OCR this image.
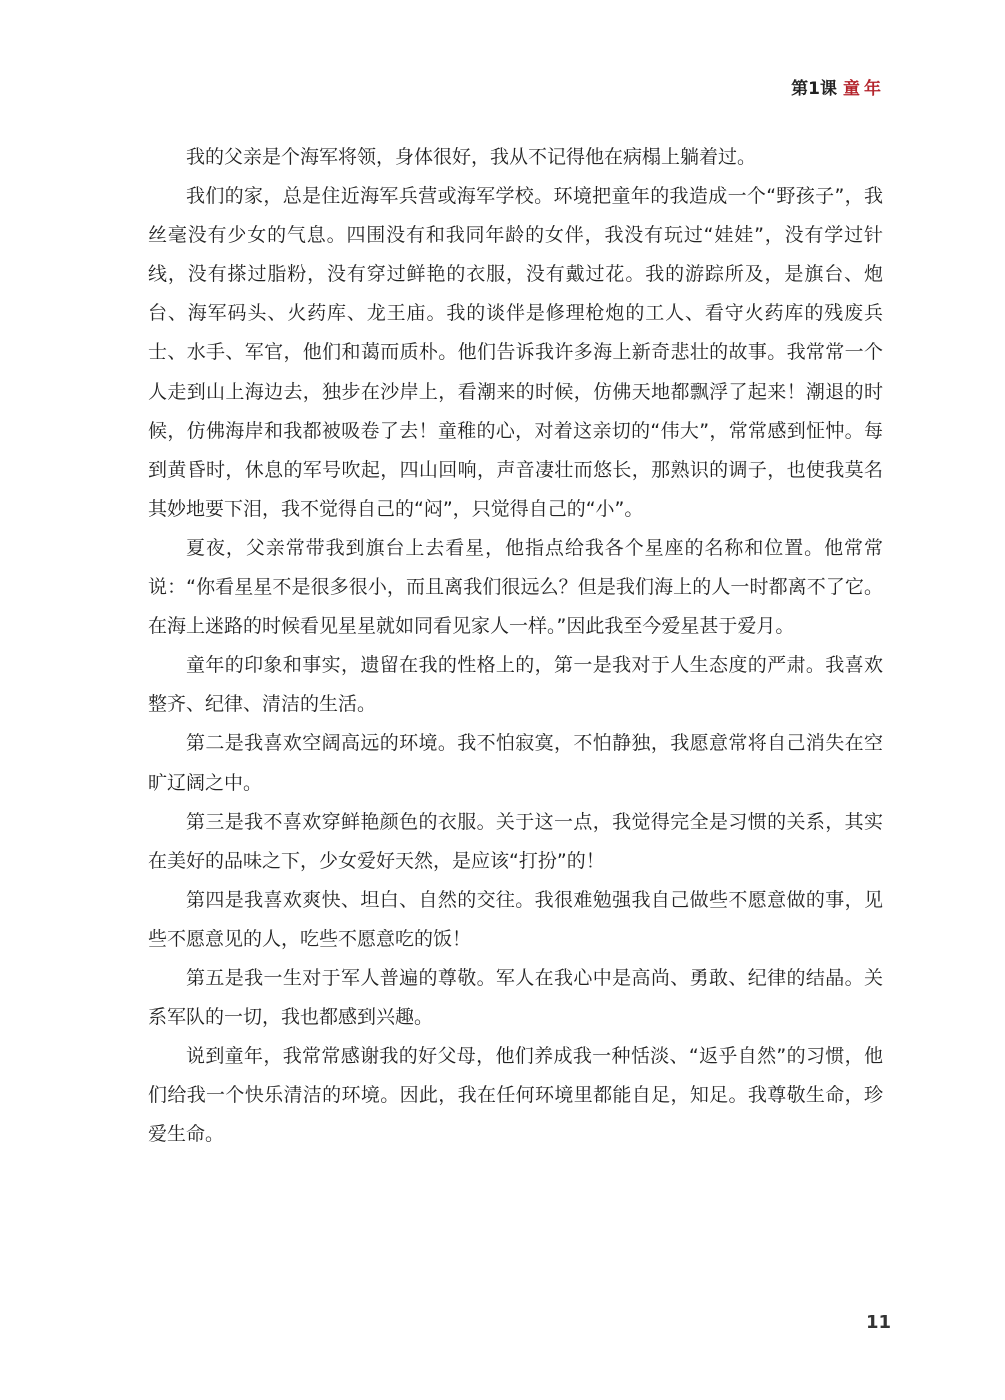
第1课 童年

我的父亲是个海军将领，身体很好，我从不记得他在病榻上躺着过。

我们的家，总是住近海军兵营或海军学校。环境把童年的我造成一个“野孩子”，我丝毫没有少女的气息。四围没有和我同年龄的女伴，我没有玩过“娃娃”，没有学过针线，没有搽过脂粉，没有穿过鲜艳的衣服，没有戴过花。我的游踪所及，是旗台、炮台、海军码头、火药库、龙王庙。我的谈伴是修理枪炮的工人、看守火药库的残废兵士、水手、军官，他们和蔼而质朴。他们告诉我许多海上新奇悲壮的故事。我常常一个人走到山上海边去，独步在沙岸上，看潮来的时候，仿佛天地都飘浮了起来！潮退的时候，仿佛海岸和我都被吸卷了去！童稚的心，对着这亲切的“伟大”，常常感到怔忡。每到黄昏时，休息的军号吹起，四山回响，声音凄壮而悠长，那熟识的调子，也使我莫名其妙地要下泪，我不觉得自己的“闷”，只觉得自己的“小”。

夏夜，父亲常带我到旗台上去看星，他指点给我各个星座的名称和位置。他常常说：“你看星星不是很多很小，而且离我们很远么？但是我们海上的人一时都离不了它。在海上迷路的时候看见星星就如同看见家人一样。”因此我至今爱星甚于爱月。

童年的印象和事实，遗留在我的性格上的，第一是我对于人生态度的严肃。我喜欢整齐、纪律、清洁的生活。

第二是我喜欢空阔高远的环境。我不怕寂寞，不怕静独，我愿意常将自己消失在空旷辽阔之中。

第三是我不喜欢穿鲜艳颜色的衣服。关于这一点，我觉得完全是习惯的关系，其实在美好的品味之下，少女爱好天然，是应该“打扮”的！

第四是我喜欢爽快、坦白、自然的交往。我很难勉强我自己做些不愿意做的事，见些不愿意见的人，吃些不愿意吃的饭！

第五是我一生对于军人普遍的尊敬。军人在我心中是高尚、勇敢、纪律的结晶。关系军队的一切，我也都感到兴趣。

说到童年，我常常感谢我的好父母，他们养成我一种恬淡、“返乎自然”的习惯，他们给我一个快乐清洁的环境。因此，我在任何环境里都能自足，知足。我尊敬生命，珍爱生命。

11
